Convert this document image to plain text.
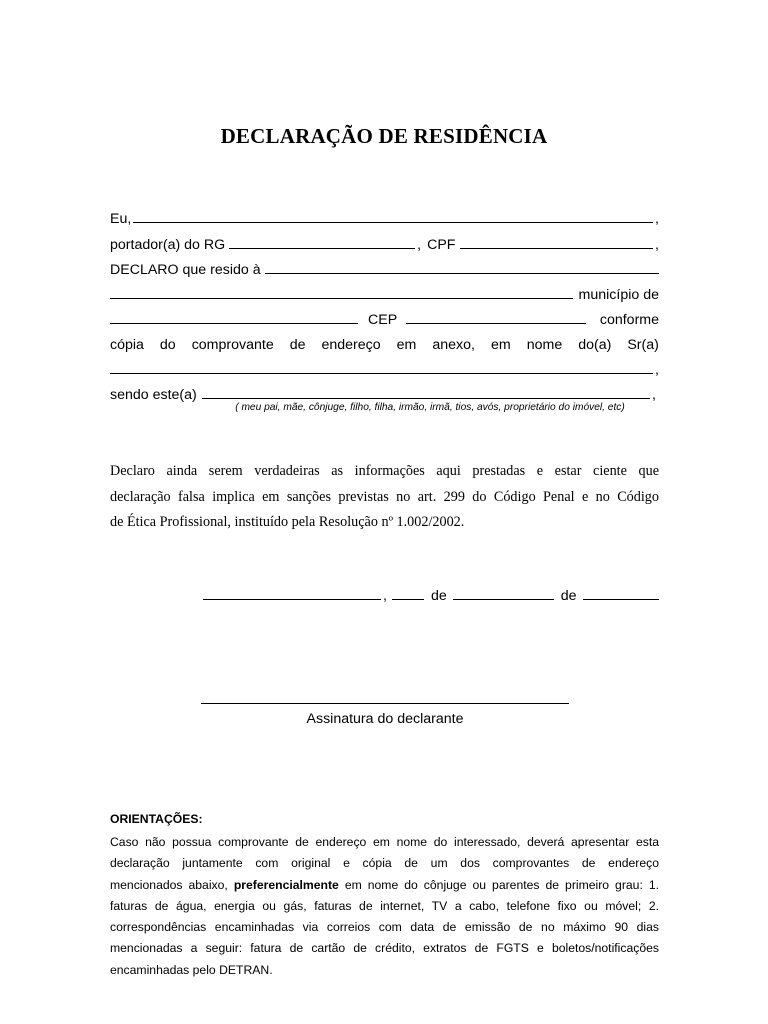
DECLARAÇÃO DE RESIDÊNCIA
Eu,	,
portador(a) do RG	, CPF	,
DECLARO que resido à
município de
CEP	conforme
cópia do comprovante de endereço em anexo, em nome do(a) Sr(a)
,
sendo este(a)	,
( meu pai, mãe, cônjuge, filho, filha, irmão, irmã, tios, avós, proprietário do imóvel, etc)
Declaro ainda serem verdadeiras as informações aqui prestadas e estar ciente que
declaração falsa implica em sanções previstas no art. 299 do Código Penal e no Código
de Ética Profissional, instituído pela Resolução nº 1.002/2002.
,	de	de
Assinatura do declarante
ORIENTAÇÕES:
Caso não possua comprovante de endereço em nome do interessado, deverá apresentar esta
declaração juntamente com original e cópia de um dos comprovantes de endereço
mencionados abaixo, preferencialmente em nome do cônjuge ou parentes de primeiro grau: 1.
faturas de água, energia ou gás, faturas de internet, TV a cabo, telefone fixo ou móvel; 2.
correspondências encaminhadas via correios com data de emissão de no máximo 90 dias
mencionadas a seguir: fatura de cartão de crédito, extratos de FGTS e boletos/notificações
encaminhadas pelo DETRAN.
